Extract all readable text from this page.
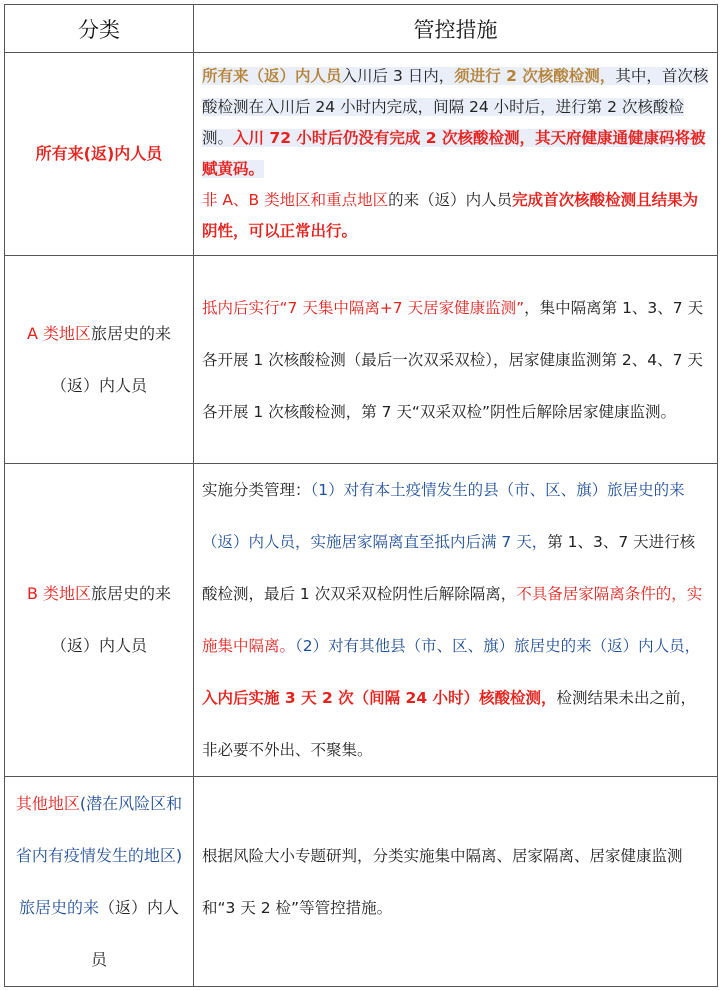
分类	管控措施
所有来(返)内人员	所有来（返）内人员入川后 3 日内，须进行 2 次核酸检测，其中，首次核酸检测在入川后 24 小时内完成，间隔 24 小时后，进行第 2 次核酸检测。入川 72 小时后仍没有完成 2 次核酸检测，其天府健康通健康码将被赋黄码。
非 A、B 类地区和重点地区的来（返）内人员完成首次核酸检测且结果为阴性，可以正常出行。
A 类地区旅居史的来（返）内人员	抵内后实行“7 天集中隔离+7 天居家健康监测”，集中隔离第 1、3、7 天各开展 1 次核酸检测（最后一次双采双检），居家健康监测第 2、4、7 天各开展 1 次核酸检测，第 7 天“双采双检”阴性后解除居家健康监测。
B 类地区旅居史的来（返）内人员	实施分类管理：（1）对有本土疫情发生的县（市、区、旗）旅居史的来（返）内人员，实施居家隔离直至抵内后满 7 天，第 1、3、7 天进行核酸检测，最后 1 次双采双检阴性后解除隔离，不具备居家隔离条件的，实施集中隔离。（2）对有其他县（市、区、旗）旅居史的来（返）内人员，入内后实施 3 天 2 次（间隔 24 小时）核酸检测，检测结果未出之前，非必要不外出、不聚集。
其他地区(潜在风险区和省内有疫情发生的地区)旅居史的来（返）内人员	根据风险大小专题研判，分类实施集中隔离、居家隔离、居家健康监测和“3 天 2 检”等管控措施。
